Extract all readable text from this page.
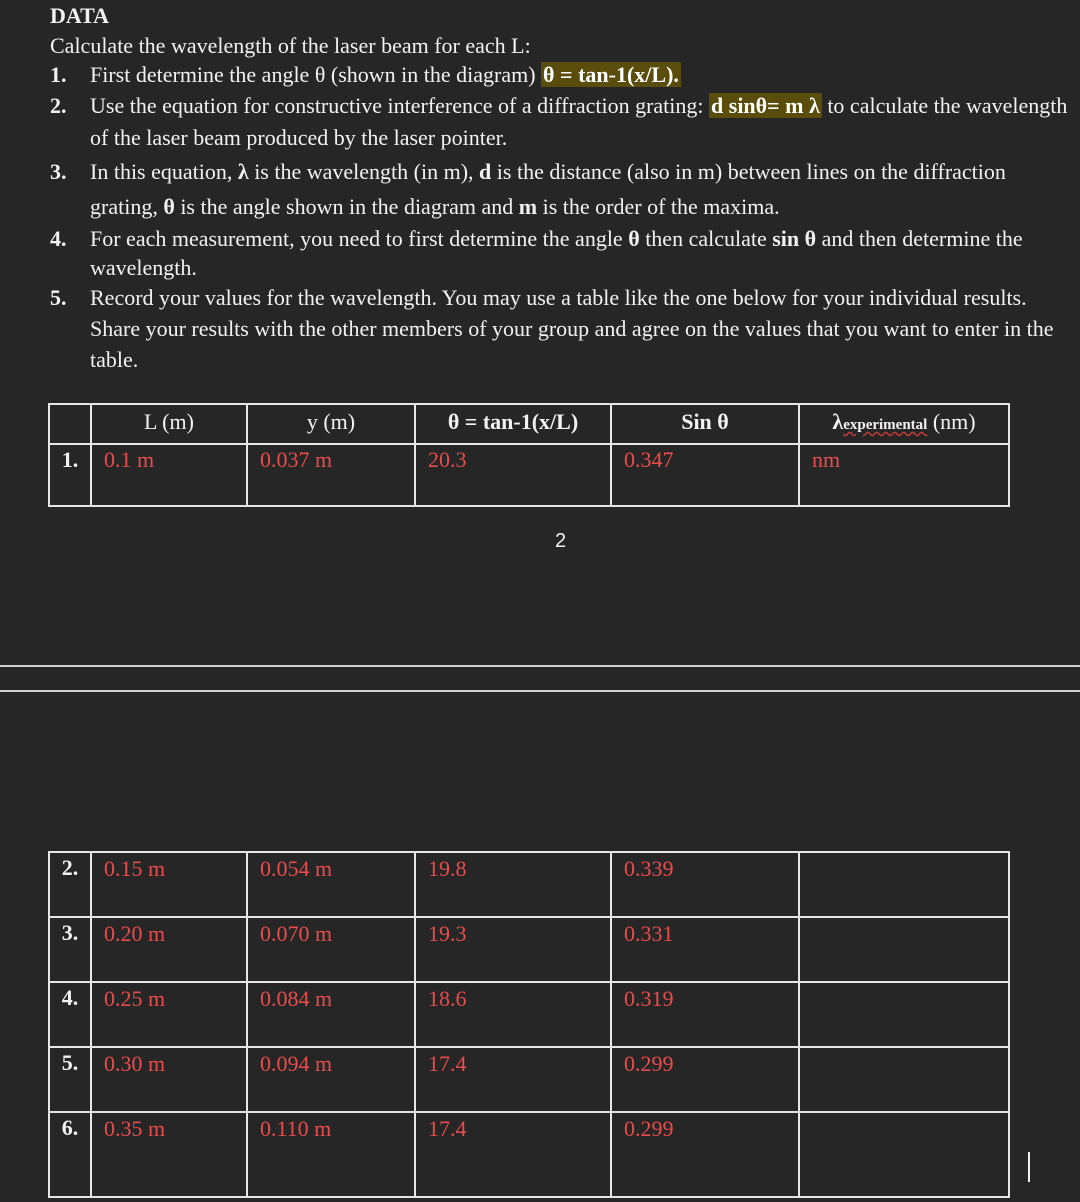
DATA
Calculate the wavelength of the laser beam for each L:
1. First determine the angle θ (shown in the diagram) θ = tan-1(x/L).
2. Use the equation for constructive interference of a diffraction grating: d sinθ= m λ to calculate the wavelength of the laser beam produced by the laser pointer.
3. In this equation, λ is the wavelength (in m), d is the distance (also in m) between lines on the diffraction grating, θ is the angle shown in the diagram and m is the order of the maxima.
4. For each measurement, you need to first determine the angle θ then calculate sin θ and then determine the wavelength.
5. Record your values for the wavelength. You may use a table like the one below for your individual results. Share your results with the other members of your group and agree on the values that you want to enter in the table.
	L (m)	y (m)	θ = tan-1(x/L)	Sin θ	λexperimental (nm)
1.	0.1 m	0.037 m	20.3	0.347	nm
2
2.	0.15 m	0.054 m	19.8	0.339	
3.	0.20 m	0.070 m	19.3	0.331	
4.	0.25 m	0.084 m	18.6	0.319	
5.	0.30 m	0.094 m	17.4	0.299	
6.	0.35 m	0.110 m	17.4	0.299	
